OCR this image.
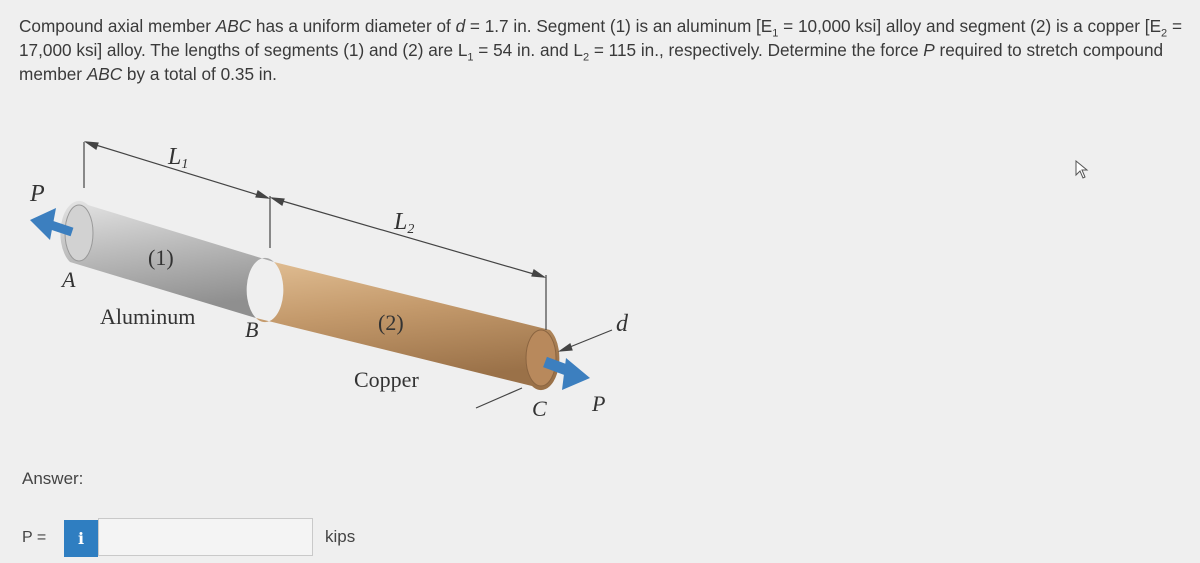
Compound axial member ABC has a uniform diameter of d = 1.7 in. Segment (1) is an aluminum [$E_1 = 10,000$ ksi] alloy and segment (2) is a copper [$E_2 = 17,000$ ksi] alloy. The lengths of segments (1) and (2) are $L_1 = 54$ in. and $L_2 = 115$ in., respectively. Determine the force P required to stretch compound member ABC by a total of 0.35 in.
L1
L2
P
A
(1)
Aluminum
B	(2)
Copper
C P
d
Answer:
P =	i	kips
